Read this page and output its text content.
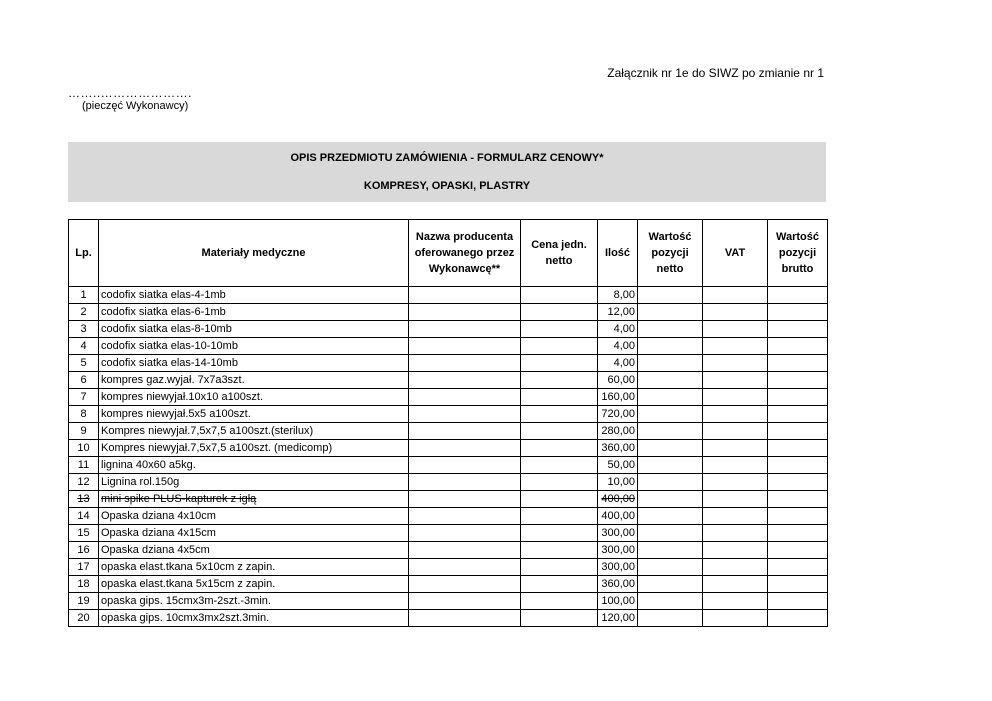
Załącznik nr 1e do SIWZ po zmianie nr 1
……..………………….
(pieczęć Wykonawcy)
OPIS PRZEDMIOTU ZAMÓWIENIA - FORMULARZ CENOWY*
KOMPRESY, OPASKI, PLASTRY
Lp.	Materiały medyczne	Nazwa producenta oferowanego przez Wykonawcę**	Cena jedn. netto	Ilość	Wartość pozycji netto	VAT	Wartość pozycji brutto
1	codofix siatka elas-4-1mb			8,00			
2	codofix siatka elas-6-1mb			12,00			
3	codofix siatka elas-8-10mb			4,00			
4	codofix siatka elas-10-10mb			4,00			
5	codofix siatka elas-14-10mb			4,00			
6	kompres gaz.wyjał. 7x7a3szt.			60,00			
7	kompres niewyjał.10x10 a100szt.			160,00			
8	kompres niewyjał.5x5 a100szt.			720,00			
9	Kompres niewyjał.7,5x7,5 a100szt.(sterilux)			280,00			
10	Kompres niewyjał.7,5x7,5 a100szt. (medicomp)			360,00			
11	lignina 40x60 a5kg.			50,00			
12	Lignina rol.150g			10,00			
13	mini spike PLUS-kapturek z igłą			400,00			
14	Opaska dziana 4x10cm			400,00			
15	Opaska dziana 4x15cm			300,00			
16	Opaska dziana 4x5cm			300,00			
17	opaska elast.tkana 5x10cm z zapin.			300,00			
18	opaska elast.tkana 5x15cm z zapin.			360,00			
19	opaska gips. 15cmx3m-2szt.-3min.			100,00			
20	opaska gips. 10cmx3mx2szt.3min.			120,00			
